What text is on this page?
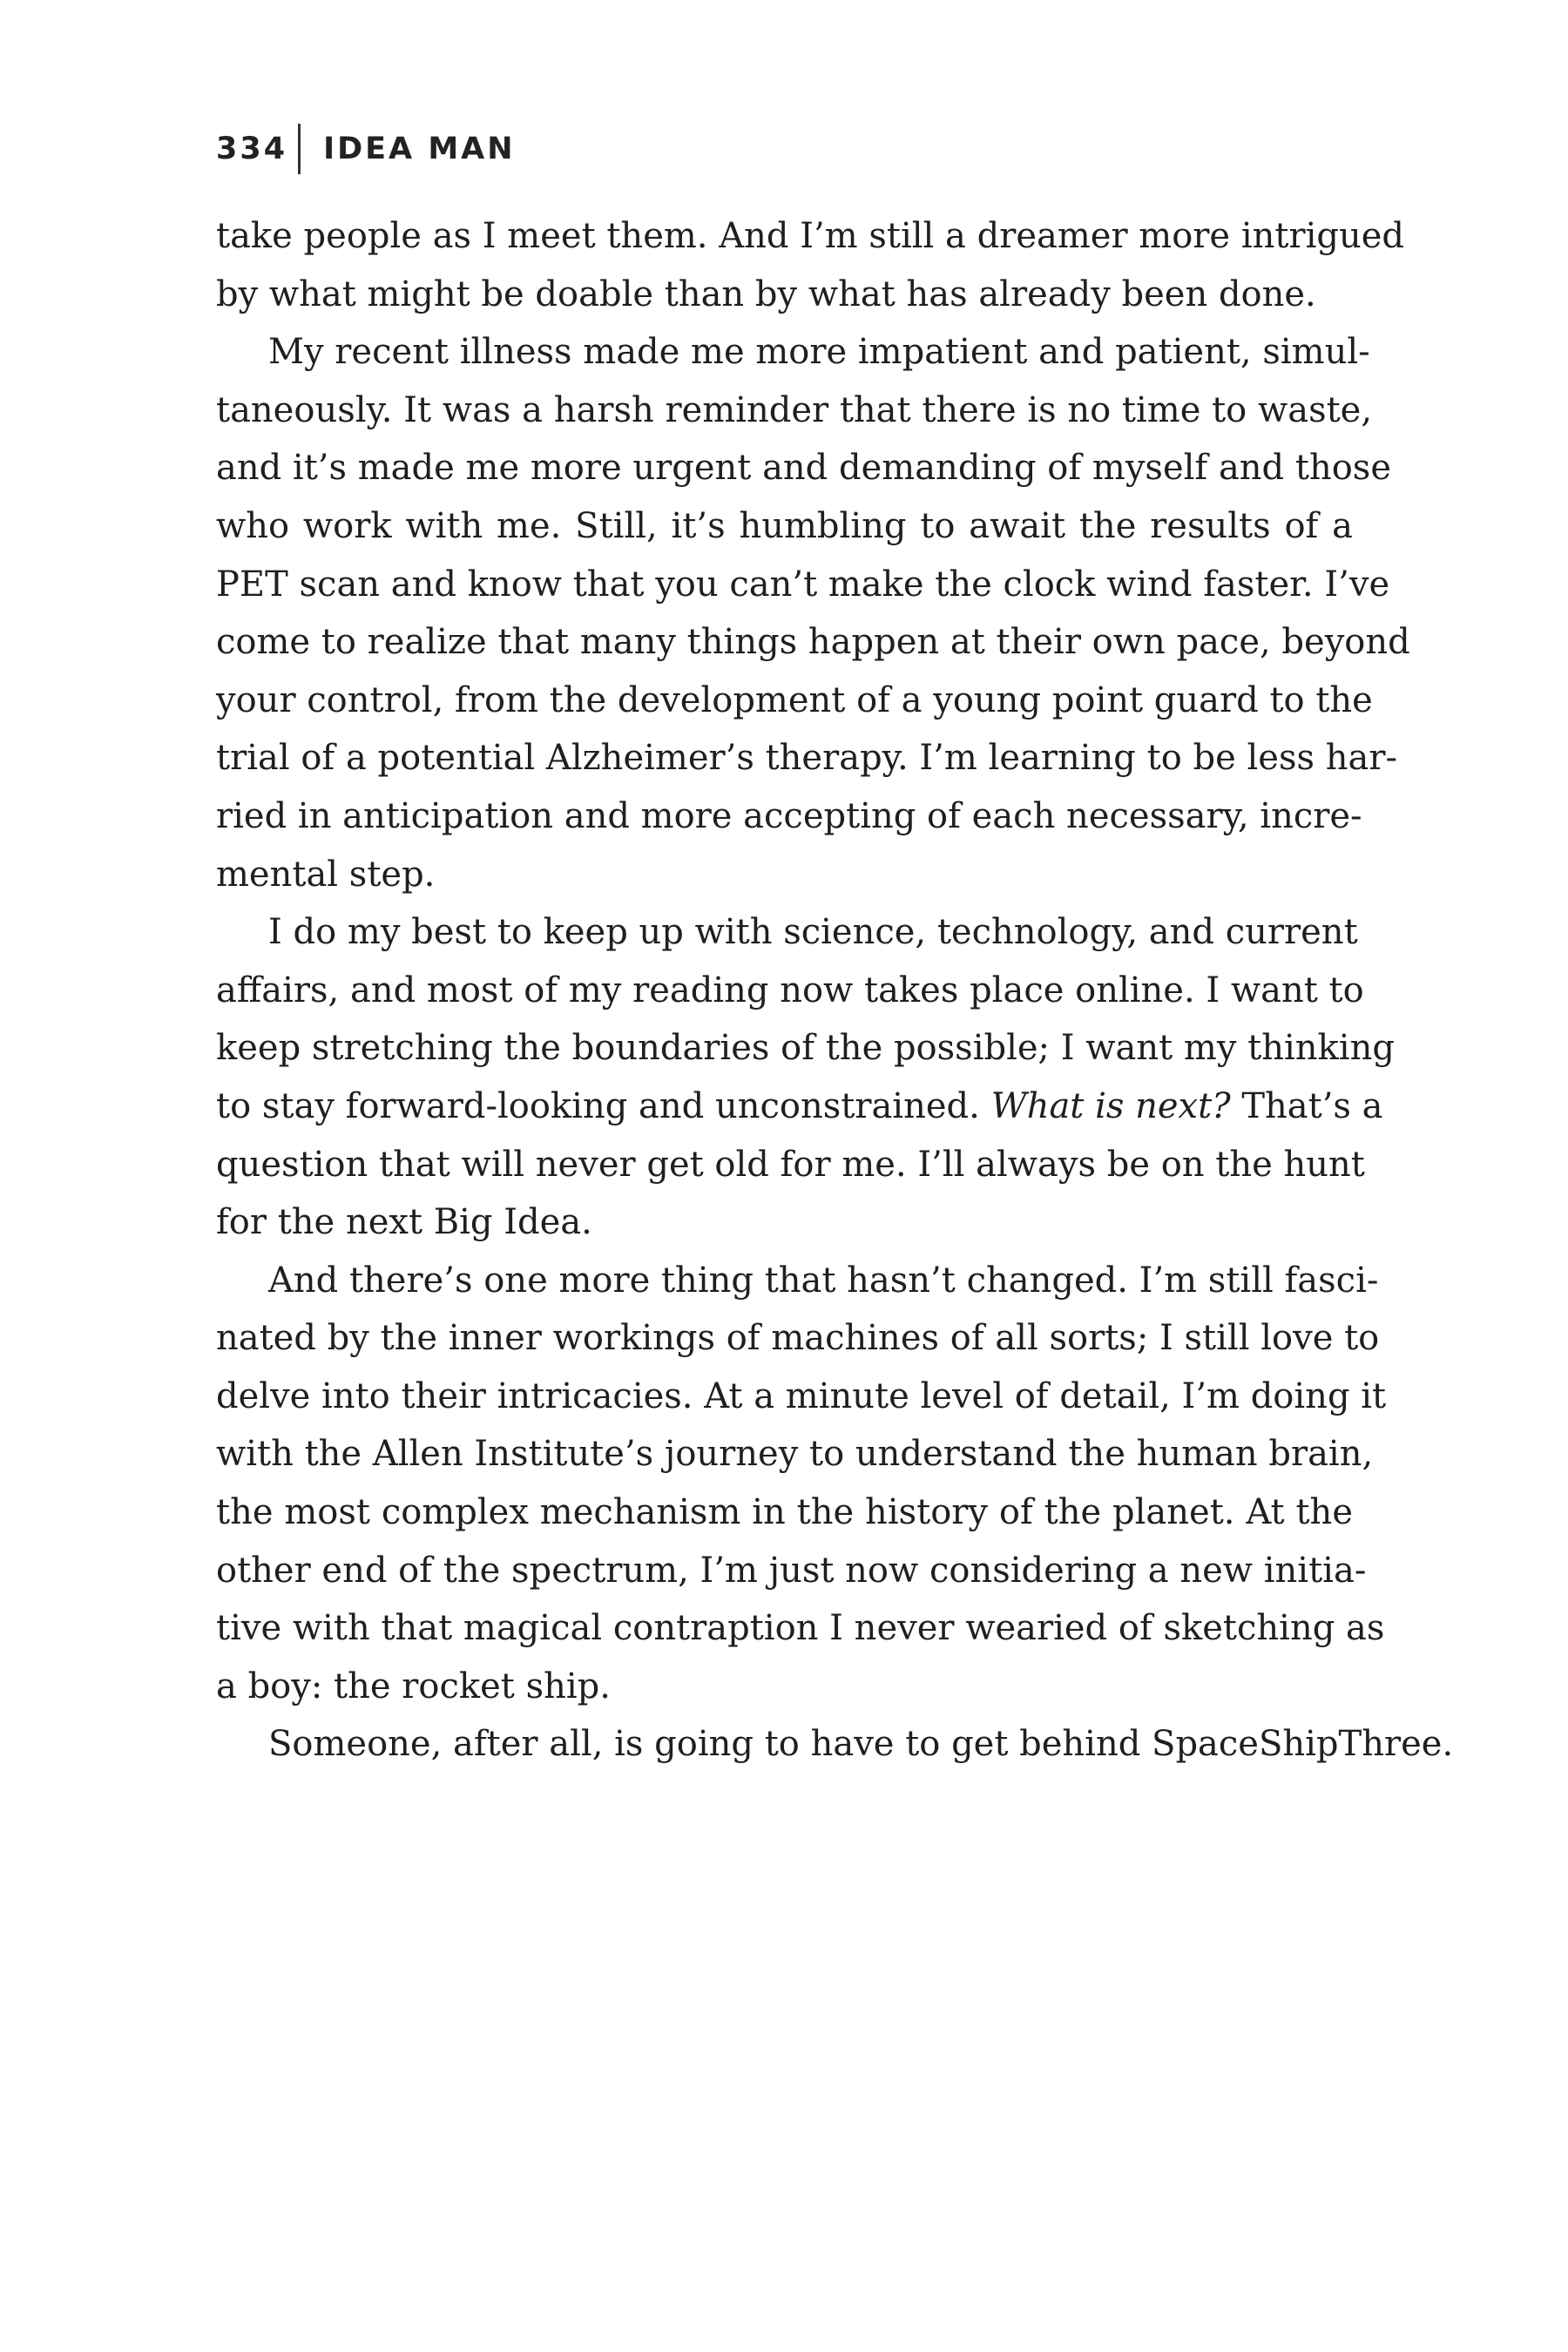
334 IDEA MAN
take people as I meet them. And I’m still a dreamer more intrigued
by what might be doable than by what has already been done.
My recent illness made me more impatient and patient, simul-
taneously. It was a harsh reminder that there is no time to waste,
and it’s made me more urgent and demanding of myself and those
who work with me. Still, it’s humbling to await the results of a
PET scan and know that you can’t make the clock wind faster. I’ve
come to realize that many things happen at their own pace, beyond
your control, from the development of a young point guard to the
trial of a potential Alzheimer’s therapy. I’m learning to be less har-
ried in anticipation and more accepting of each necessary, incre-
mental step.
I do my best to keep up with science, technology, and current
affairs, and most of my reading now takes place online. I want to
keep stretching the boundaries of the possible; I want my thinking
to stay forward-looking and unconstrained. What is next? That’s a
question that will never get old for me. I’ll always be on the hunt
for the next Big Idea.
And there’s one more thing that hasn’t changed. I’m still fasci-
nated by the inner workings of machines of all sorts; I still love to
delve into their intricacies. At a minute level of detail, I’m doing it
with the Allen Institute’s journey to understand the human brain,
the most complex mechanism in the history of the planet. At the
other end of the spectrum, I’m just now considering a new initia-
tive with that magical contraption I never wearied of sketching as
a boy: the rocket ship.
Someone, after all, is going to have to get behind SpaceShipThree.
